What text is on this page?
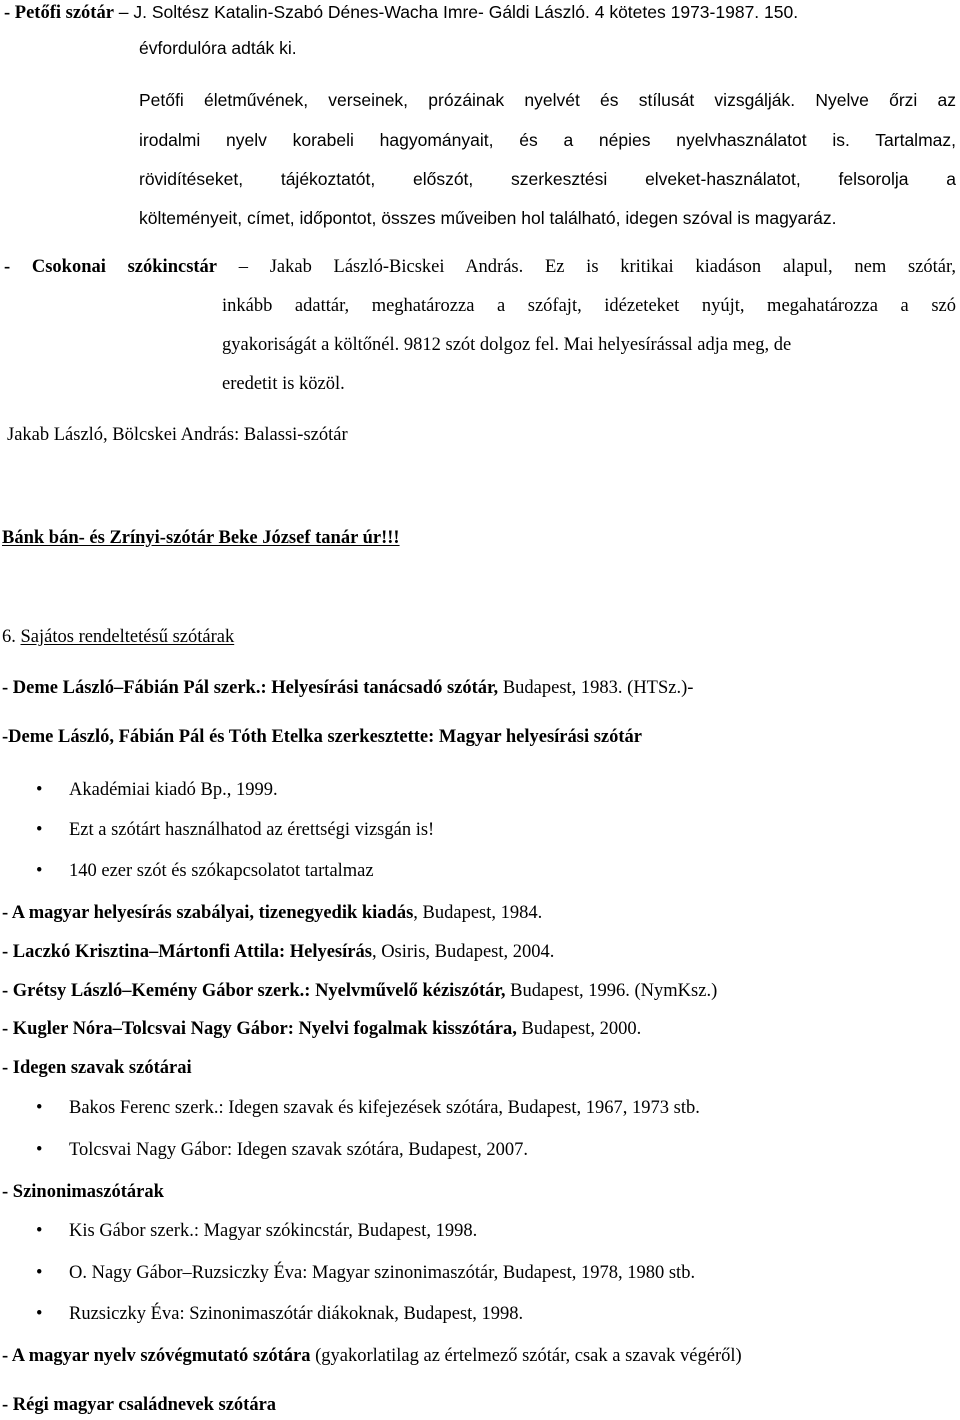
- Petőfi szótár – J. Soltész Katalin-Szabó Dénes-Wacha Imre- Gáldi László. 4 kötetes 1973-1987. 150.
évfordulóra adták ki.
Petőfi életművének, verseinek, prózáinak nyelvét és stílusát vizsgálják. Nyelve őrzi az
irodalmi nyelv korabeli hagyományait, és a népies nyelvhasználatot is. Tartalmaz,
rövidítéseket, tájékoztatót, előszót, szerkesztési elveket-használatot, felsorolja a
költeményeit, címet, időpontot, összes műveiben hol található, idegen szóval is magyaráz.
- Csokonai szókincstár – Jakab László-Bicskei András. Ez is kritikai kiadáson alapul, nem szótár,
inkább adattár, meghatározza a szófajt, idézeteket nyújt, megahatározza a szó
gyakoriságát a költőnél. 9812 szót dolgoz fel. Mai helyesírással adja meg, de
eredetit is közöl.
Jakab László, Bölcskei András: Balassi-szótár
Bánk bán- és Zrínyi-szótár Beke József tanár úr!!!
6. Sajátos rendeltetésű szótárak
- Deme László–Fábián Pál szerk.: Helyesírási tanácsadó szótár, Budapest, 1983. (HTSz.)-
-Deme László, Fábián Pál és Tóth Etelka szerkesztette: Magyar helyesírási szótár
• Akadémiai kiadó Bp., 1999.
• Ezt a szótárt használhatod az érettségi vizsgán is!
• 140 ezer szót és szókapcsolatot tartalmaz
- A magyar helyesírás szabályai, tizenegyedik kiadás, Budapest, 1984.
- Laczkó Krisztina–Mártonfi Attila: Helyesírás, Osiris, Budapest, 2004.
- Grétsy László–Kemény Gábor szerk.: Nyelvművelő kéziszótár, Budapest, 1996. (NymKsz.)
- Kugler Nóra–Tolcsvai Nagy Gábor: Nyelvi fogalmak kisszótára, Budapest, 2000.
- Idegen szavak szótárai
• Bakos Ferenc szerk.: Idegen szavak és kifejezések szótára, Budapest, 1967, 1973 stb.
• Tolcsvai Nagy Gábor: Idegen szavak szótára, Budapest, 2007.
- Szinonimaszótárak
• Kis Gábor szerk.: Magyar szókincstár, Budapest, 1998.
• O. Nagy Gábor–Ruzsiczky Éva: Magyar szinonimaszótár, Budapest, 1978, 1980 stb.
• Ruzsiczky Éva: Szinonimaszótár diákoknak, Budapest, 1998.
- A magyar nyelv szóvégmutató szótára (gyakorlatilag az értelmező szótár, csak a szavak végéről)
- Régi magyar családnevek szótára
